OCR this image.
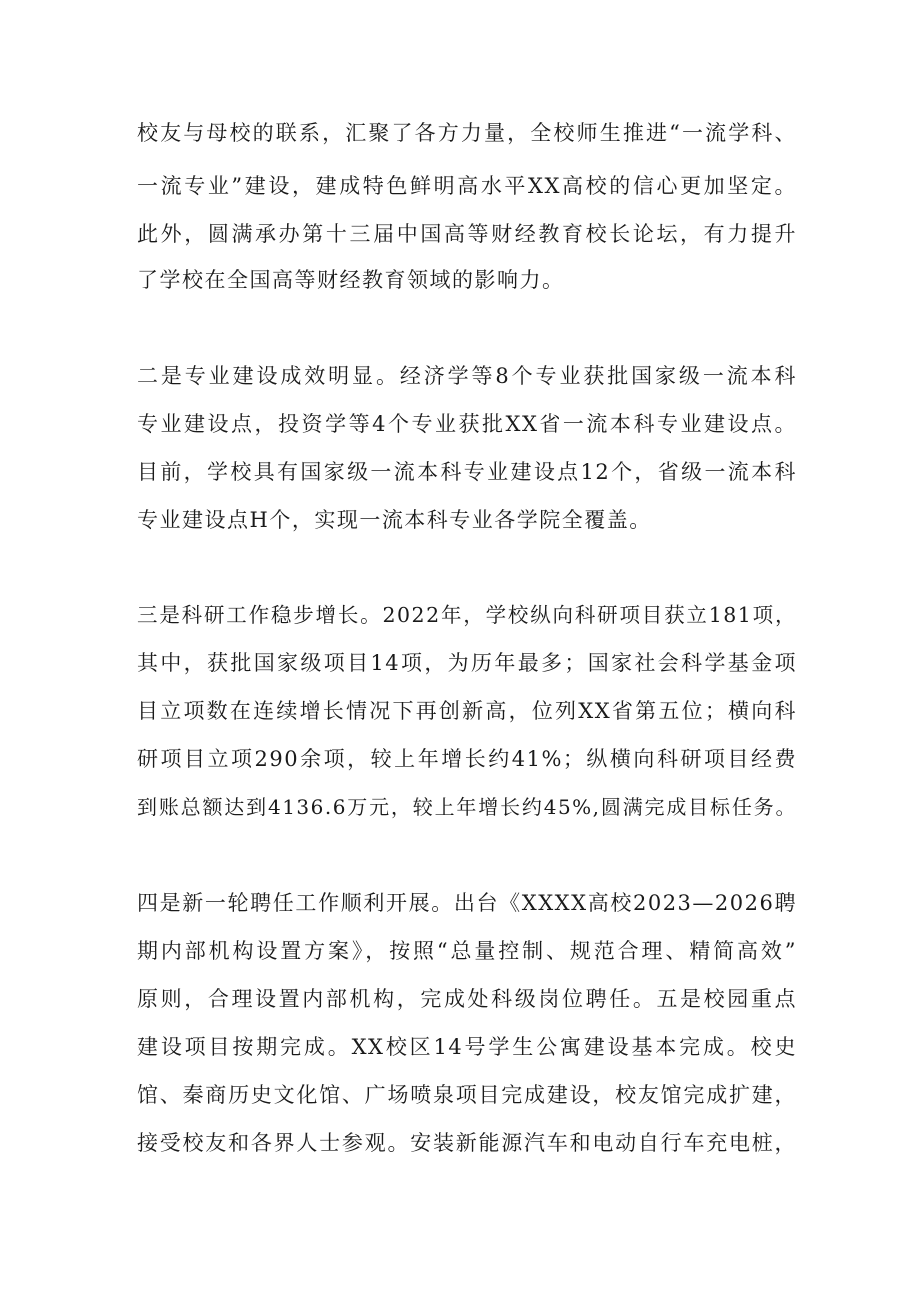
校友与母校的联系，汇聚了各方力量，全校师生推进“一流学科、
一流专业”建设，建成特色鲜明高水平XX高校的信心更加坚定。
此外，圆满承办第十三届中国高等财经教育校长论坛，有力提升
了学校在全国高等财经教育领域的影响力。
二是专业建设成效明显。经济学等8个专业获批国家级一流本科
专业建设点，投资学等4个专业获批XX省一流本科专业建设点。
目前，学校具有国家级一流本科专业建设点12个，省级一流本科
专业建设点H个，实现一流本科专业各学院全覆盖。
三是科研工作稳步增长。2022年，学校纵向科研项目获立181项，
其中，获批国家级项目14项，为历年最多；国家社会科学基金项
目立项数在连续增长情况下再创新高，位列XX省第五位；横向科
研项目立项290余项，较上年增长约41%；纵横向科研项目经费
到账总额达到4136.6万元，较上年增长约45%,圆满完成目标任务。
四是新一轮聘任工作顺利开展。出台《XXXX高校2023—2026聘
期内部机构设置方案》，按照“总量控制、规范合理、精简高效”
原则，合理设置内部机构，完成处科级岗位聘任。五是校园重点
建设项目按期完成。XX校区14号学生公寓建设基本完成。校史
馆、秦商历史文化馆、广场喷泉项目完成建设，校友馆完成扩建，
接受校友和各界人士参观。安装新能源汽车和电动自行车充电桩，
